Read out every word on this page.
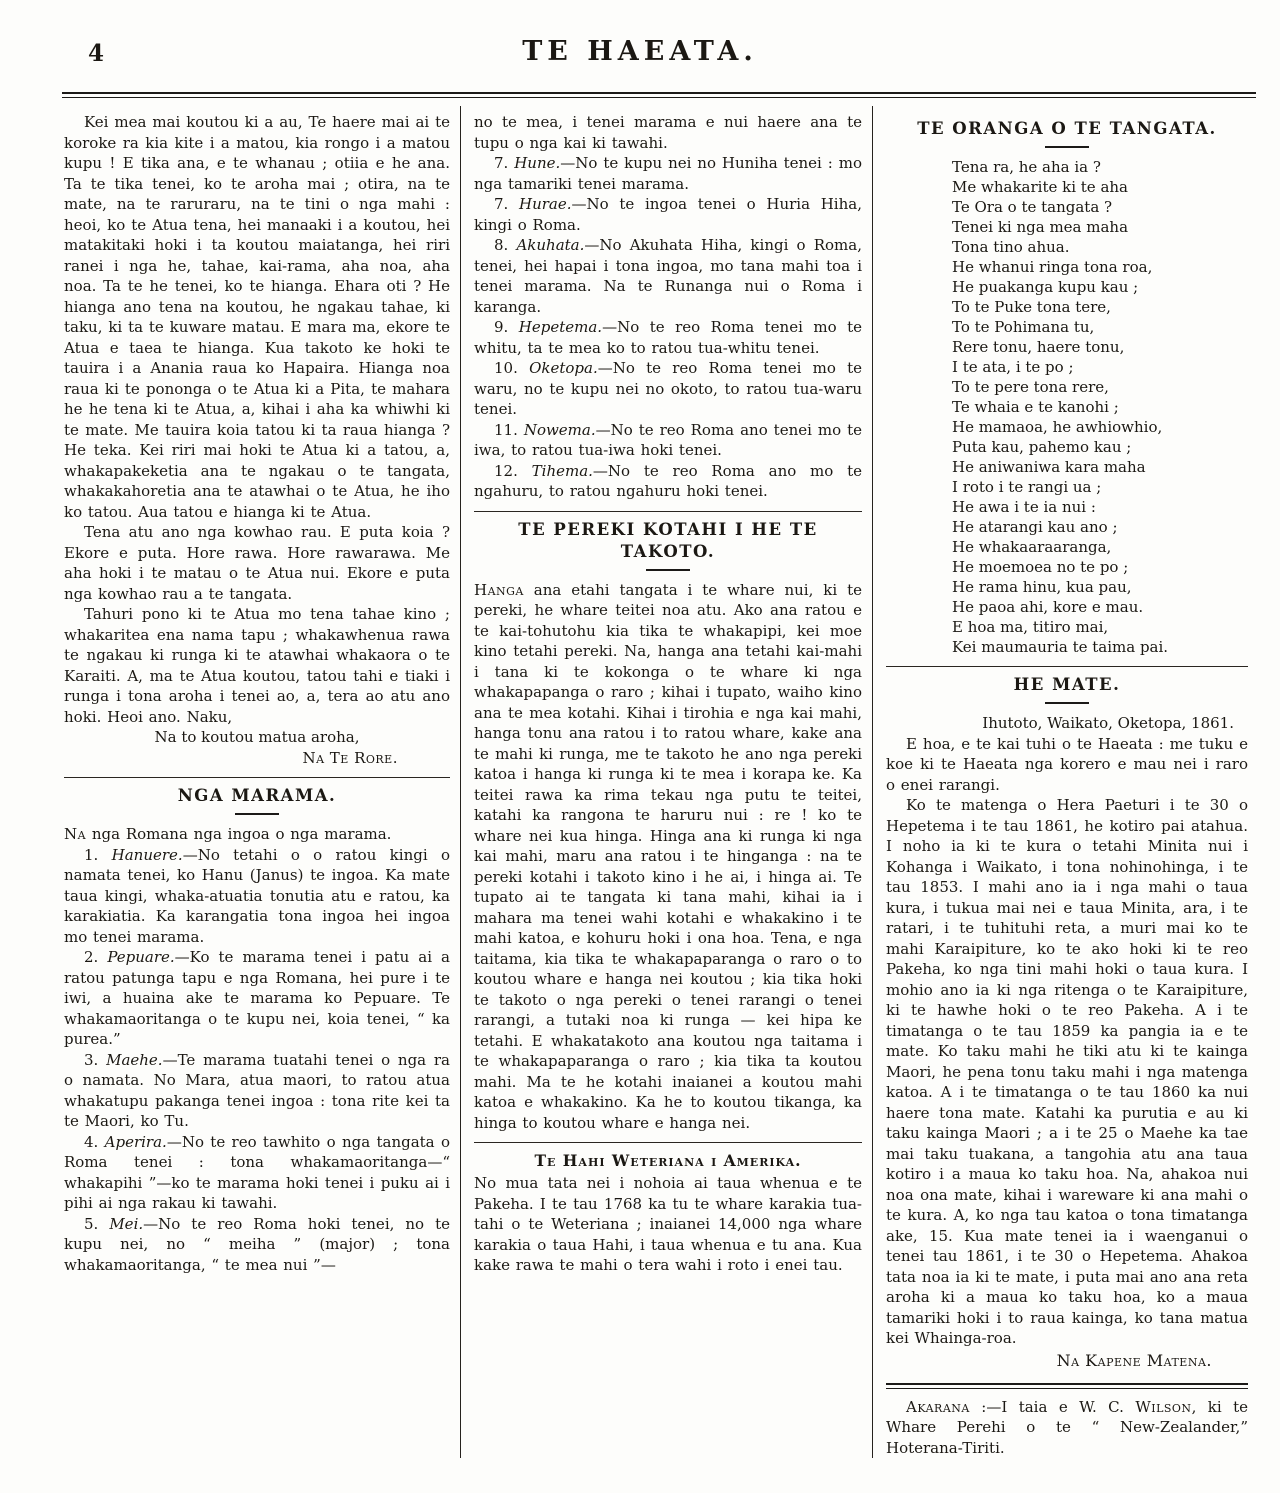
4	TE HAEATA.

Kei mea mai koutou ki a au, Te haere mai ai te koroke ra kia kite i a matou, kia rongo i a matou kupu ! E tika ana, e te whanau ; otiia e he ana. Ta te tika tenei, ko te aroha mai ; otira, na te mate, na te raruraru, na te tini o nga mahi : heoi, ko te Atua tena, hei manaaki i a koutou, hei matakitaki hoki i ta koutou maiatanga, hei riri ranei i nga he, tahae, kai-rama, aha noa, aha noa. Ta te he tenei, ko te hianga. Ehara oti ? He hianga ano tena na koutou, he ngakau tahae, ki taku, ki ta te kuware matau. E mara ma, ekore te Atua e taea te hianga. Kua takoto ke hoki te tauira i a Anania raua ko Hapaira. Hianga noa raua ki te pononga o te Atua ki a Pita, te mahara he he tena ki te Atua, a, kihai i aha ka whiwhi ki te mate. Me tauira koia tatou ki ta raua hianga ? He teka. Kei riri mai hoki te Atua ki a tatou, a, whakapakeketia ana te ngakau o te tangata, whakakahoretia ana te atawhai o te Atua, he iho ko tatou. Aua tatou e hianga ki te Atua.

Tena atu ano nga kowhao rau. E puta koia ? Ekore e puta. Hore rawa. Hore rawarawa. Me aha hoki i te matau o te Atua nui. Ekore e puta nga kowhao rau a te tangata.

Tahuri pono ki te Atua mo tena tahae kino ; whakaritea ena nama tapu ; whakawhenua rawa te ngakau ki runga ki te atawhai whakaora o te Karaiti. A, ma te Atua koutou, tatou tahi e tiaki i runga i tona aroha i tenei ao, a, tera ao atu ano hoki. Heoi ano. Naku,

Na to koutou matua aroha,
Na Te Rore.
NGA MARAMA.

Na nga Romana nga ingoa o nga marama.

1. Hanuere.—No tetahi o o ratou kingi o namata tenei, ko Hanu (Janus) te ingoa. Ka mate taua kingi, whaka-atuatia tonutia atu e ratou, ka karakiatia. Ka karangatia tona ingoa hei ingoa mo tenei marama.

2. Pepuare.—Ko te marama tenei i patu ai a ratou patunga tapu e nga Romana, hei pure i te iwi, a huaina ake te marama ko Pepuare. Te whakamaoritanga o te kupu nei, koia tenei, “ ka purea.”

3. Maehe.—Te marama tuatahi tenei o nga ra o namata. No Mara, atua maori, to ratou atua whakatupu pakanga tenei ingoa : tona rite kei ta te Maori, ko Tu.

4. Aperira.—No te reo tawhito o nga tangata o Roma tenei : tona whakamaoritanga—“ whakapihi ”—ko te marama hoki tenei i puku ai i pihi ai nga rakau ki tawahi.

5. Mei.—No te reo Roma hoki tenei, no te kupu nei, no “ meiha ” (major) ; tona whakamaoritanga, “ te mea nui ”—

no te mea, i tenei marama e nui haere ana te tupu o nga kai ki tawahi.

7. Hune.—No te kupu nei no Huniha tenei : mo nga tamariki tenei marama.

7. Hurae.—No te ingoa tenei o Huria Hiha, kingi o Roma.

8. Akuhata.—No Akuhata Hiha, kingi o Roma, tenei, hei hapai i tona ingoa, mo tana mahi toa i tenei marama. Na te Runanga nui o Roma i karanga.

9. Hepetema.—No te reo Roma tenei mo te whitu, ta te mea ko to ratou tua-whitu tenei.

10. Oketopa.—No te reo Roma tenei mo te waru, no te kupu nei no okoto, to ratou tua-waru tenei.

11. Nowema.—No te reo Roma ano tenei mo te iwa, to ratou tua-iwa hoki tenei.

12. Tihema.—No te reo Roma ano mo te ngahuru, to ratou ngahuru hoki tenei.

TE PEREKI KOTAHI I HE TE
TAKOTO.

Hanga ana etahi tangata i te whare nui, ki te pereki, he whare teitei noa atu. Ako ana ratou e te kai-tohutohu kia tika te whakapipi, kei moe kino tetahi pereki. Na, hanga ana tetahi kai-mahi i tana ki te kokonga o te whare ki nga whakapapanga o raro ; kihai i tupato, waiho kino ana te mea kotahi. Kihai i tirohia e nga kai mahi, hanga tonu ana ratou i to ratou whare, kake ana te mahi ki runga, me te takoto he ano nga pereki katoa i hanga ki runga ki te mea i korapa ke. Ka teitei rawa ka rima tekau nga putu te teitei, katahi ka rangona te haruru nui : re ! ko te whare nei kua hinga. Hinga ana ki runga ki nga kai mahi, maru ana ratou i te hinganga : na te pereki kotahi i takoto kino i he ai, i hinga ai. Te tupato ai te tangata ki tana mahi, kihai ia i mahara ma tenei wahi kotahi e whakakino i te mahi katoa, e kohuru hoki i ona hoa. Tena, e nga taitama, kia tika te whakapaparanga o raro o to koutou whare e hanga nei koutou ; kia tika hoki te takoto o nga pereki o tenei rarangi o tenei rarangi, a tutaki noa ki runga — kei hipa ke tetahi. E whakatakoto ana koutou nga taitama i te whakapaparanga o raro ; kia tika ta koutou mahi. Ma te he kotahi inaianei a koutou mahi katoa e whakakino. Ka he to koutou tikanga, ka hinga to koutou whare e hanga nei.

Te Hahi Weteriana i Amerika.

No mua tata nei i nohoia ai taua whenua e te Pakeha. I te tau 1768 ka tu te whare karakia tua-tahi o te Weteriana ; inaianei 14,000 nga whare karakia o taua Hahi, i taua whenua e tu ana. Kua kake rawa te mahi o tera wahi i roto i enei tau.

TE ORANGA O TE TANGATA.
Tena ra, he aha ia ?
Me whakarite ki te aha
Te Ora o te tangata ?
Tenei ki nga mea maha
Tona tino ahua.
He whanui ringa tona roa,
He puakanga kupu kau ;
To te Puke tona tere,
To te Pohimana tu,
Rere tonu, haere tonu,
I te ata, i te po ;
To te pere tona rere,
Te whaia e te kanohi ;
He mamaoa, he awhiowhio,
Puta kau, pahemo kau ;
He aniwaniwa kara maha
I roto i te rangi ua ;
He awa i te ia nui :
He atarangi kau ano ;
He whakaaraaranga,
He moemoea no te po ;
He rama hinu, kua pau,
He paoa ahi, kore e mau.
E hoa ma, titiro mai,
Kei maumauria te taima pai.
HE MATE.
Ihutoto, Waikato, Oketopa, 1861.

E hoa, e te kai tuhi o te Haeata : me tuku e koe ki te Haeata nga korero e mau nei i raro o enei rarangi.

Ko te matenga o Hera Paeturi i te 30 o Hepetema i te tau 1861, he kotiro pai atahua. I noho ia ki te kura o tetahi Minita nui i Kohanga i Waikato, i tona nohinohinga, i te tau 1853. I mahi ano ia i nga mahi o taua kura, i tukua mai nei e taua Minita, ara, i te ratari, i te tuhituhi reta, a muri mai ko te mahi Karaipiture, ko te ako hoki ki te reo Pakeha, ko nga tini mahi hoki o taua kura. I mohio ano ia ki nga ritenga o te Karaipiture, ki te hawhe hoki o te reo Pakeha. A i te timatanga o te tau 1859 ka pangia ia e te mate. Ko taku mahi he tiki atu ki te kainga Maori, he pena tonu taku mahi i nga matenga katoa. A i te timatanga o te tau 1860 ka nui haere tona mate. Katahi ka purutia e au ki taku kainga Maori ; a i te 25 o Maehe ka tae mai taku tuakana, a tangohia atu ana taua kotiro i a maua ko taku hoa. Na, ahakoa nui noa ona mate, kihai i wareware ki ana mahi o te kura. A, ko nga tau katoa o tona timatanga ake, 15. Kua mate tenei ia i waenganui o tenei tau 1861, i te 30 o Hepetema. Ahakoa tata noa ia ki te mate, i puta mai ano ana reta aroha ki a maua ko taku hoa, ko a maua tamariki hoki i to raua kainga, ko tana matua kei Whainga-roa.

Na Kapene Matena.

Akarana :—I taia e W. C. Wilson, ki te Whare Perehi o te “ New-Zealander,” Hoterana-Tiriti.
